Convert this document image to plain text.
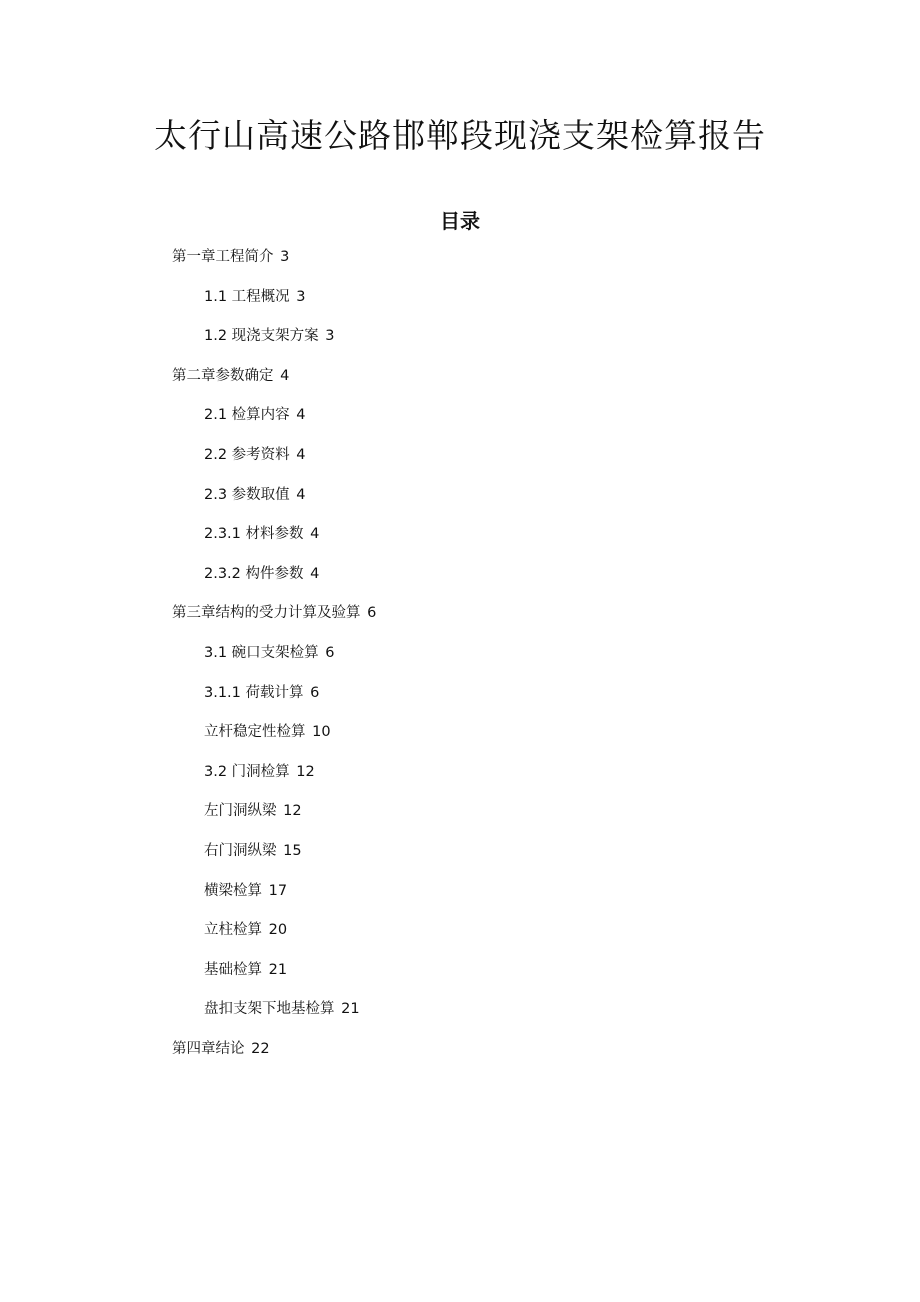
太行山高速公路邯郸段现浇支架检算报告
目录
第一章工程简介 3
1.1 工程概况 3
1.2 现浇支架方案 3
第二章参数确定 4
2.1 检算内容 4
2.2 参考资料 4
2.3 参数取值 4
2.3.1 材料参数 4
2.3.2 构件参数 4
第三章结构的受力计算及验算 6
3.1 碗口支架检算 6
3.1.1 荷载计算 6
立杆稳定性检算 10
3.2 门洞检算 12
左门洞纵梁 12
右门洞纵梁 15
横梁检算 17
立柱检算 20
基础检算 21
盘扣支架下地基检算 21
第四章结论 22
